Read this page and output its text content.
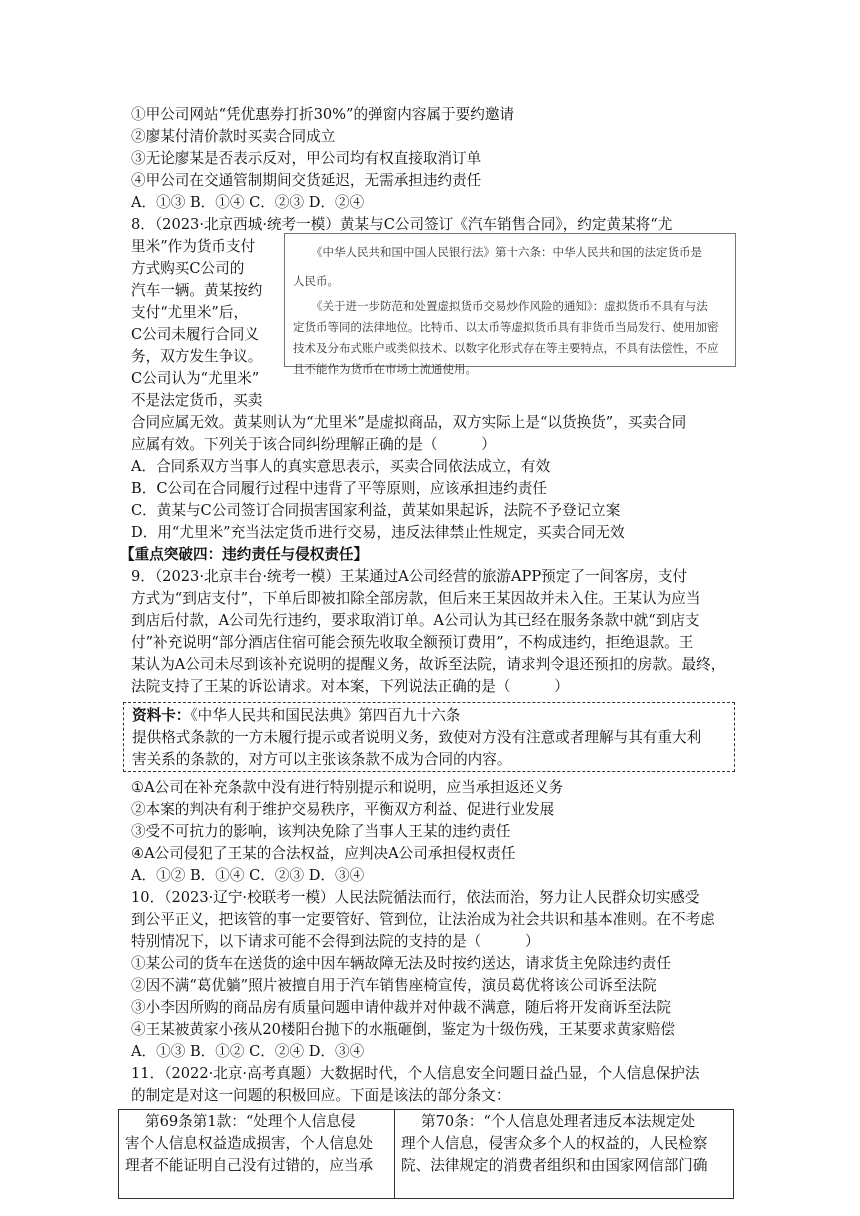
①甲公司网站“凭优惠券打折30%”的弹窗内容属于要约邀请
②廖某付清价款时买卖合同成立
③无论廖某是否表示反对，甲公司均有权直接取消订单
④甲公司在交通管制期间交货延迟，无需承担违约责任
A．①③ B．①④ C．②③ D．②④
8．（2023·北京西城·统考一模）黄某与C公司签订《汽车销售合同》，约定黄某将“尤
里米”作为货币支付
方式购买C公司的
汽车一辆。黄某按约
支付“尤里米”后，
C公司未履行合同义
务，双方发生争议。
C公司认为“尤里米”
不是法定货币，买卖
合同应属无效。黄某则认为“尤里米”是虚拟商品，双方实际上是“以货换货”，买卖合同
应属有效。下列关于该合同纠纷理解正确的是（　　　）
A．合同系双方当事人的真实意思表示，买卖合同依法成立，有效
B．C公司在合同履行过程中违背了平等原则，应该承担违约责任
C．黄某与C公司签订合同损害国家利益，黄某如果起诉，法院不予登记立案
D．用“尤里米”充当法定货币进行交易，违反法律禁止性规定，买卖合同无效
《中华人民共和国中国人民银行法》第十六条：中华人民共和国的法定货币是
人民币。
《关于进一步防范和处置虚拟货币交易炒作风险的通知》：虚拟货币不具有与法
定货币等同的法律地位。比特币、以太币等虚拟货币具有非货币当局发行、使用加密
技术及分布式账户或类似技术、以数字化形式存在等主要特点，不具有法偿性，不应
且不能作为货币在市场上流通使用。
【重点突破四：违约责任与侵权责任】
9．（2023·北京丰台·统考一模）王某通过A公司经营的旅游APP预定了一间客房，支付
方式为“到店支付”，下单后即被扣除全部房款，但后来王某因故并未入住。王某认为应当
到店后付款，A公司先行违约，要求取消订单。A公司认为其已经在服务条款中就“到店支
付”补充说明“部分酒店住宿可能会预先收取全额预订费用”，不构成违约，拒绝退款。王
某认为A公司未尽到该补充说明的提醒义务，故诉至法院，请求判令退还预扣的房款。最终，
法院支持了王某的诉讼请求。对本案，下列说法正确的是（　　　）
资料卡：《中华人民共和国民法典》第四百九十六条
提供格式条款的一方未履行提示或者说明义务，致使对方没有注意或者理解与其有重大利
害关系的条款的，对方可以主张该条款不成为合同的内容。
①A公司在补充条款中没有进行特别提示和说明，应当承担返还义务
②本案的判决有利于维护交易秩序，平衡双方利益、促进行业发展
③受不可抗力的影响，该判决免除了当事人王某的违约责任
④A公司侵犯了王某的合法权益，应判决A公司承担侵权责任
A．①② B．①④ C．②③ D．③④
10．（2023·辽宁·校联考一模）人民法院循法而行，依法而治，努力让人民群众切实感受
到公平正义，把该管的事一定要管好、管到位，让法治成为社会共识和基本准则。在不考虑
特别情况下，以下请求可能不会得到法院的支持的是（　　　）
①某公司的货车在送货的途中因车辆故障无法及时按约送达，请求货主免除违约责任
②因不满“葛优躺”照片被擅自用于汽车销售座椅宣传，演员葛优将该公司诉至法院
③小李因所购的商品房有质量问题申请仲裁并对仲裁不满意，随后将开发商诉至法院
④王某被黄家小孩从20楼阳台抛下的水瓶砸倒，鉴定为十级伤残，王某要求黄家赔偿
A．①③ B．①② C．②④ D．③④
11．（2022·北京·高考真题）大数据时代，个人信息安全问题日益凸显，个人信息保护法
的制定是对这一问题的积极回应。下面是该法的部分条文：
第69条第1款：“处理个人信息侵
害个人信息权益造成损害，个人信息处
理者不能证明自己没有过错的，应当承
第70条：“个人信息处理者违反本法规定处
理个人信息，侵害众多个人的权益的，人民检察
院、法律规定的消费者组织和由国家网信部门确
